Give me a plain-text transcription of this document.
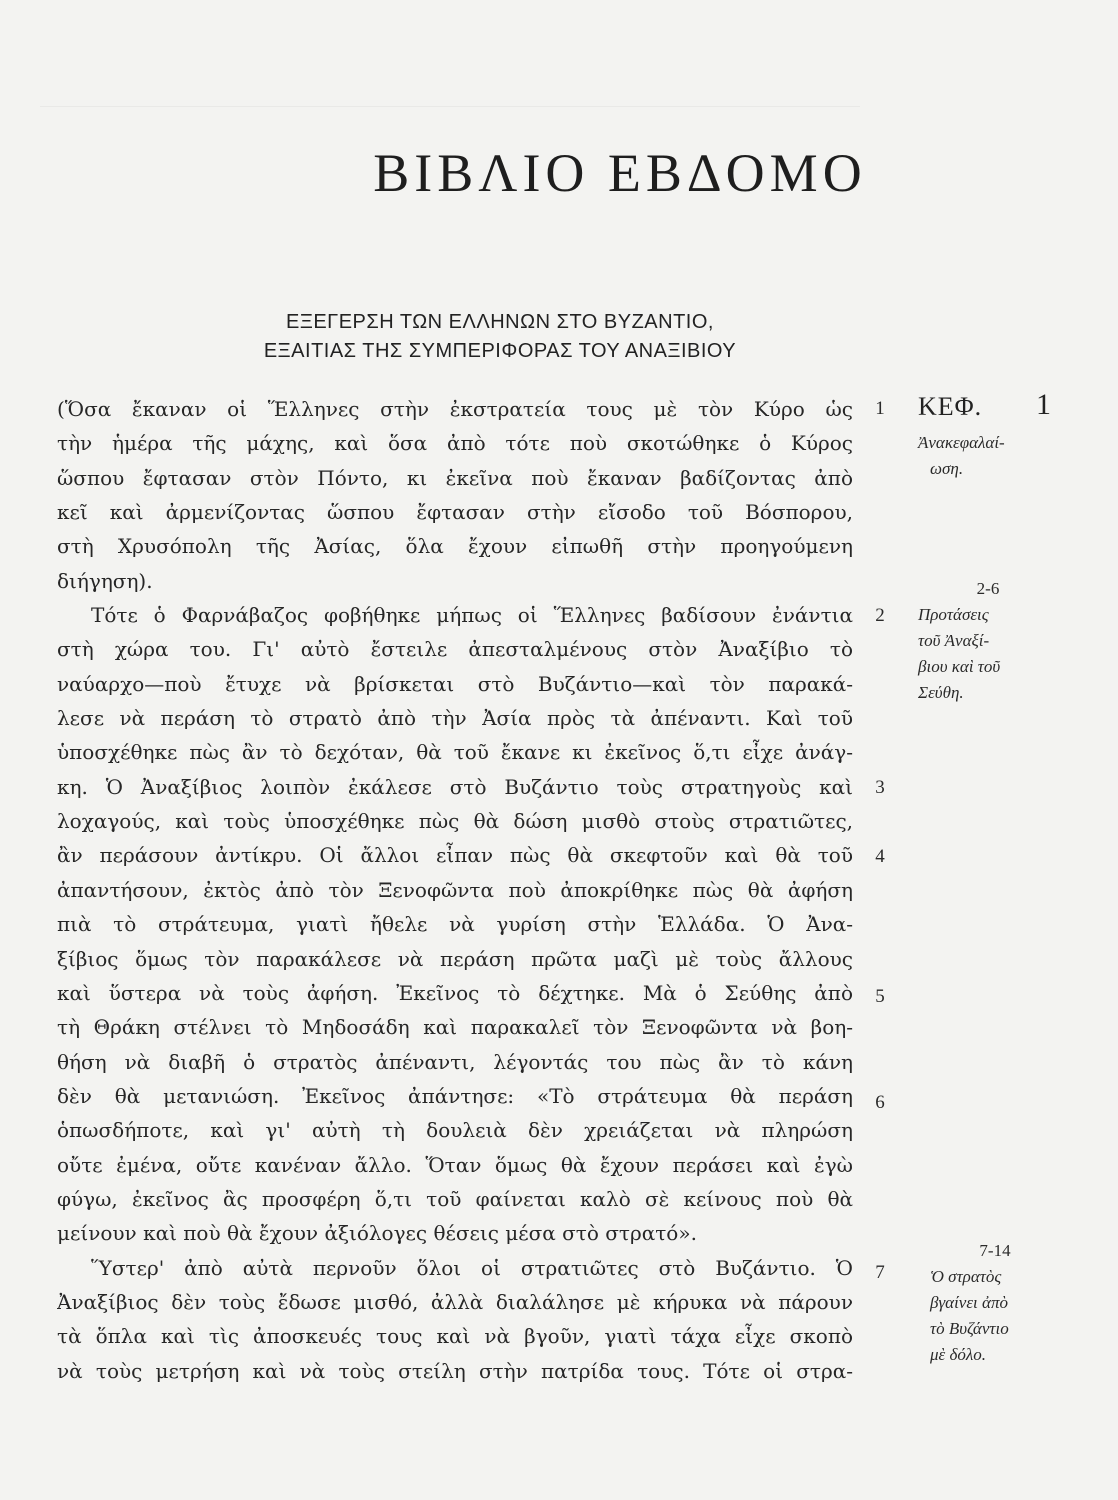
ΒΙΒΛΙΟ ΕΒΔΟΜΟ
ΕΞΕΓΕΡΣΗ ΤΩΝ ΕΛΛΗΝΩΝ ΣΤΟ ΒΥΖΑΝΤΙΟ,
ΕΞΑΙΤΙΑΣ ΤΗΣ ΣΥΜΠΕΡΙΦΟΡΑΣ ΤΟΥ ΑΝΑΞΙΒΙΟΥ
ΚΕΦ. 1
(Ὅσα ἔκαναν οἱ Ἕλληνες στὴν ἐκστρατεία τους μὲ τὸν Κύρο ὡς
τὴν ἡμέρα τῆς μάχης, καὶ ὅσα ἀπὸ τότε ποὺ σκοτώθηκε ὁ Κύρος
ὥσπου ἔφτασαν στὸν Πόντο, κι ἐκεῖνα ποὺ ἔκαναν βαδίζοντας ἀπὸ
κεῖ καὶ ἀρμενίζοντας ὥσπου ἔφτασαν στὴν εἴσοδο τοῦ Βόσπορου,
στὴ Χρυσόπολη τῆς Ἀσίας, ὅλα ἔχουν εἰπωθῆ στὴν προηγούμενη
διήγηση).
Τότε ὁ Φαρνάβαζος φοβήθηκε μήπως οἱ Ἕλληνες βαδίσουν ἐνάντια
στὴ χώρα του. Γι' αὐτὸ ἔστειλε ἀπεσταλμένους στὸν Ἀναξίβιο τὸ
ναύαρχο—ποὺ ἔτυχε νὰ βρίσκεται στὸ Βυζάντιο—καὶ τὸν παρακά-
λεσε νὰ περάση τὸ στρατὸ ἀπὸ τὴν Ἀσία πρὸς τὰ ἀπέναντι. Καὶ τοῦ
ὑποσχέθηκε πὼς ἂν τὸ δεχόταν, θὰ τοῦ ἔκανε κι ἐκεῖνος ὅ,τι εἶχε ἀνάγ-
κη. Ὁ Ἀναξίβιος λοιπὸν ἐκάλεσε στὸ Βυζάντιο τοὺς στρατηγοὺς καὶ
λοχαγούς, καὶ τοὺς ὑποσχέθηκε πὼς θὰ δώση μισθὸ στοὺς στρατιῶτες,
ἂν περάσουν ἀντίκρυ. Οἱ ἄλλοι εἶπαν πὼς θὰ σκεφτοῦν καὶ θὰ τοῦ
ἀπαντήσουν, ἐκτὸς ἀπὸ τὸν Ξενοφῶντα ποὺ ἀποκρίθηκε πὼς θὰ ἀφήση
πιὰ τὸ στράτευμα, γιατὶ ἤθελε νὰ γυρίση στὴν Ἑλλάδα. Ὁ Ἀνα-
ξίβιος ὅμως τὸν παρακάλεσε νὰ περάση πρῶτα μαζὶ μὲ τοὺς ἄλλους
καὶ ὕστερα νὰ τοὺς ἀφήση. Ἐκεῖνος τὸ δέχτηκε. Μὰ ὁ Σεύθης ἀπὸ
τὴ Θράκη στέλνει τὸ Μηδοσάδη καὶ παρακαλεῖ τὸν Ξενοφῶντα νὰ βοη-
θήση νὰ διαβῆ ὁ στρατὸς ἀπέναντι, λέγοντάς του πὼς ἂν τὸ κάνη
δὲν θὰ μετανιώση. Ἐκεῖνος ἀπάντησε: «Τὸ στράτευμα θὰ περάση
ὁπωσδήποτε, καὶ γι' αὐτὴ τὴ δουλειὰ δὲν χρειάζεται νὰ πληρώση
οὔτε ἐμένα, οὔτε κανέναν ἄλλο. Ὅταν ὅμως θὰ ἔχουν περάσει καὶ ἐγὼ
φύγω, ἐκεῖνος ἂς προσφέρη ὅ,τι τοῦ φαίνεται καλὸ σὲ κείνους ποὺ θὰ
μείνουν καὶ ποὺ θὰ ἔχουν ἀξιόλογες θέσεις μέσα στὸ στρατό».
Ὕστερ' ἀπὸ αὐτὰ περνοῦν ὅλοι οἱ στρατιῶτες στὸ Βυζάντιο. Ὁ
Ἀναξίβιος δὲν τοὺς ἔδωσε μισθό, ἀλλὰ διαλάλησε μὲ κήρυκα νὰ πάρουν
τὰ ὅπλα καὶ τὶς ἀποσκευές τους καὶ νὰ βγοῦν, γιατὶ τάχα εἶχε σκοπὸ
νὰ τοὺς μετρήση καὶ νὰ τοὺς στείλη στὴν πατρίδα τους. Τότε οἱ στρα-
1
2
3
4
5
6
7
Ἀνακεφαλαί-
ωση.
2-6
Προτάσεις
τοῦ Ἀναξί-
βιου καὶ τοῦ
Σεύθη.
7-14
Ὁ στρατὸς
βγαίνει ἀπὸ
τὸ Βυζάντιο
μὲ δόλο.
